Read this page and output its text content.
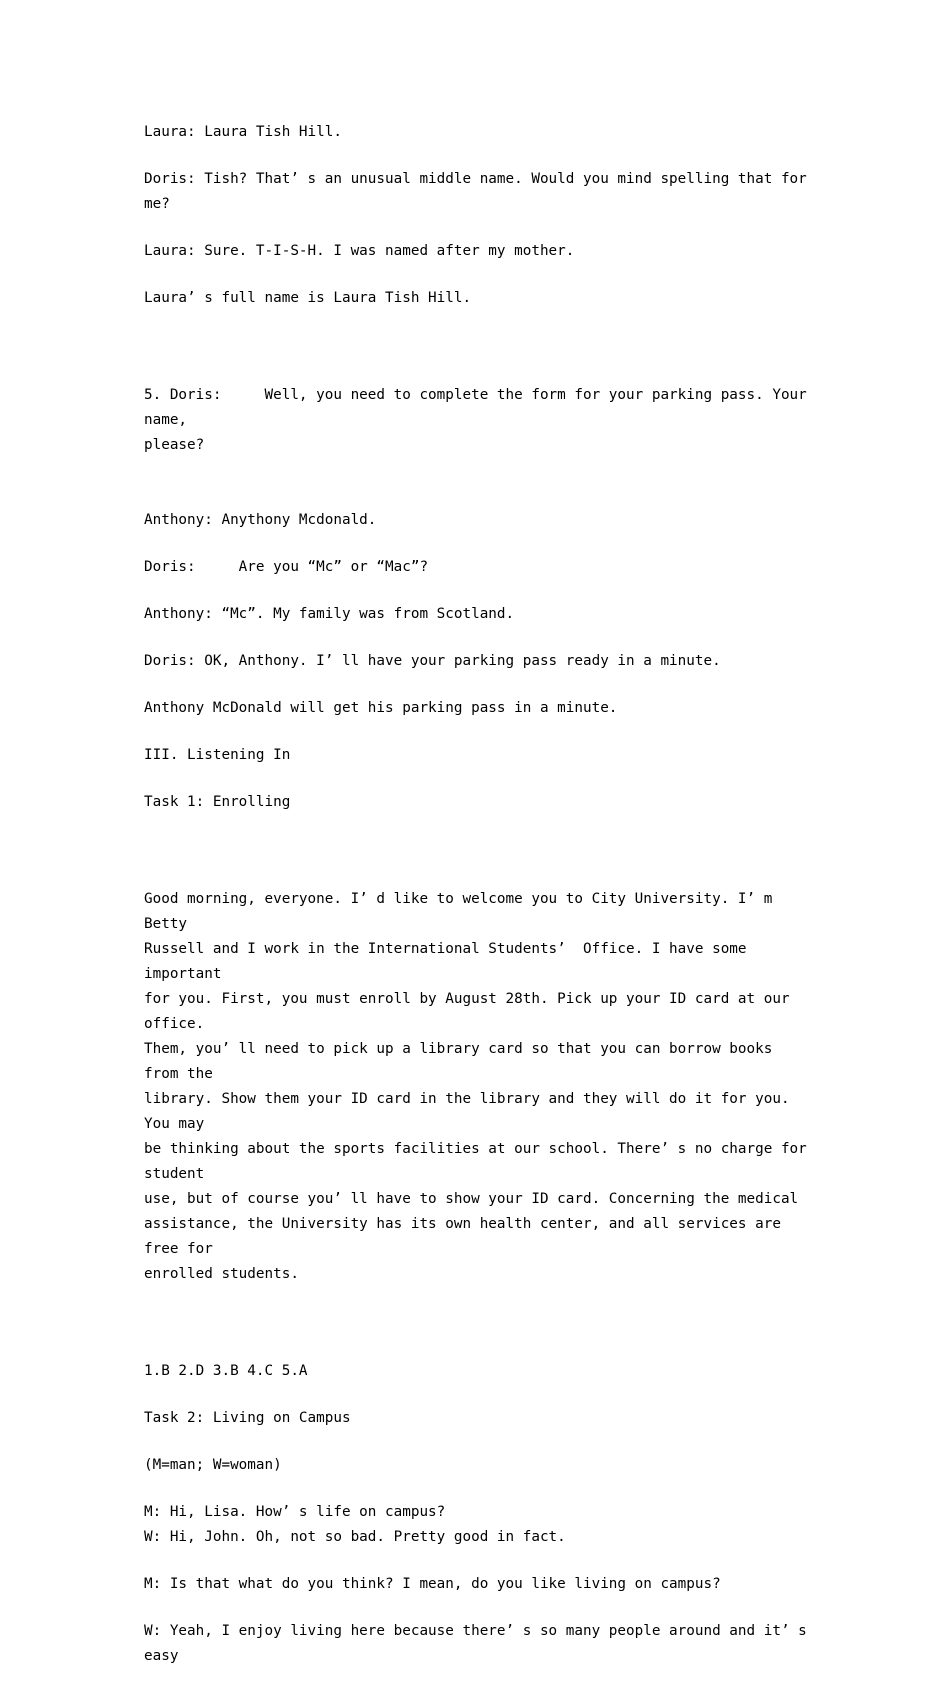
Laura: Laura Tish Hill.

Doris: Tish? That’ s an unusual middle name. Would you mind spelling that for me?

Laura: Sure. T-I-S-H. I was named after my mother.

Laura’ s full name is Laura Tish Hill.

5. Doris:     Well, you need to complete the form for your parking pass. Your name,
please?

Anthony: Anythony Mcdonald.

Doris:     Are you “Mc” or “Mac”?

Anthony: “Mc”. My family was from Scotland.

Doris: OK, Anthony. I’ ll have your parking pass ready in a minute.

Anthony McDonald will get his parking pass in a minute.

III. Listening In

Task 1: Enrolling

Good morning, everyone. I’ d like to welcome you to City University. I’ m Betty
Russell and I work in the International Students’  Office. I have some important
for you. First, you must enroll by August 28th. Pick up your ID card at our office.
Them, you’ ll need to pick up a library card so that you can borrow books from the
library. Show them your ID card in the library and they will do it for you. You may
be thinking about the sports facilities at our school. There’ s no charge for student
use, but of course you’ ll have to show your ID card. Concerning the medical
assistance, the University has its own health center, and all services are free for
enrolled students.

1.B 2.D 3.B 4.C 5.A

Task 2: Living on Campus

(M=man; W=woman)

M: Hi, Lisa. How’ s life on campus?

W: Hi, John. Oh, not so bad. Pretty good in fact.

M: Is that what do you think? I mean, do you like living on campus?

W: Yeah, I enjoy living here because there’ s so many people around and it’ s easy
